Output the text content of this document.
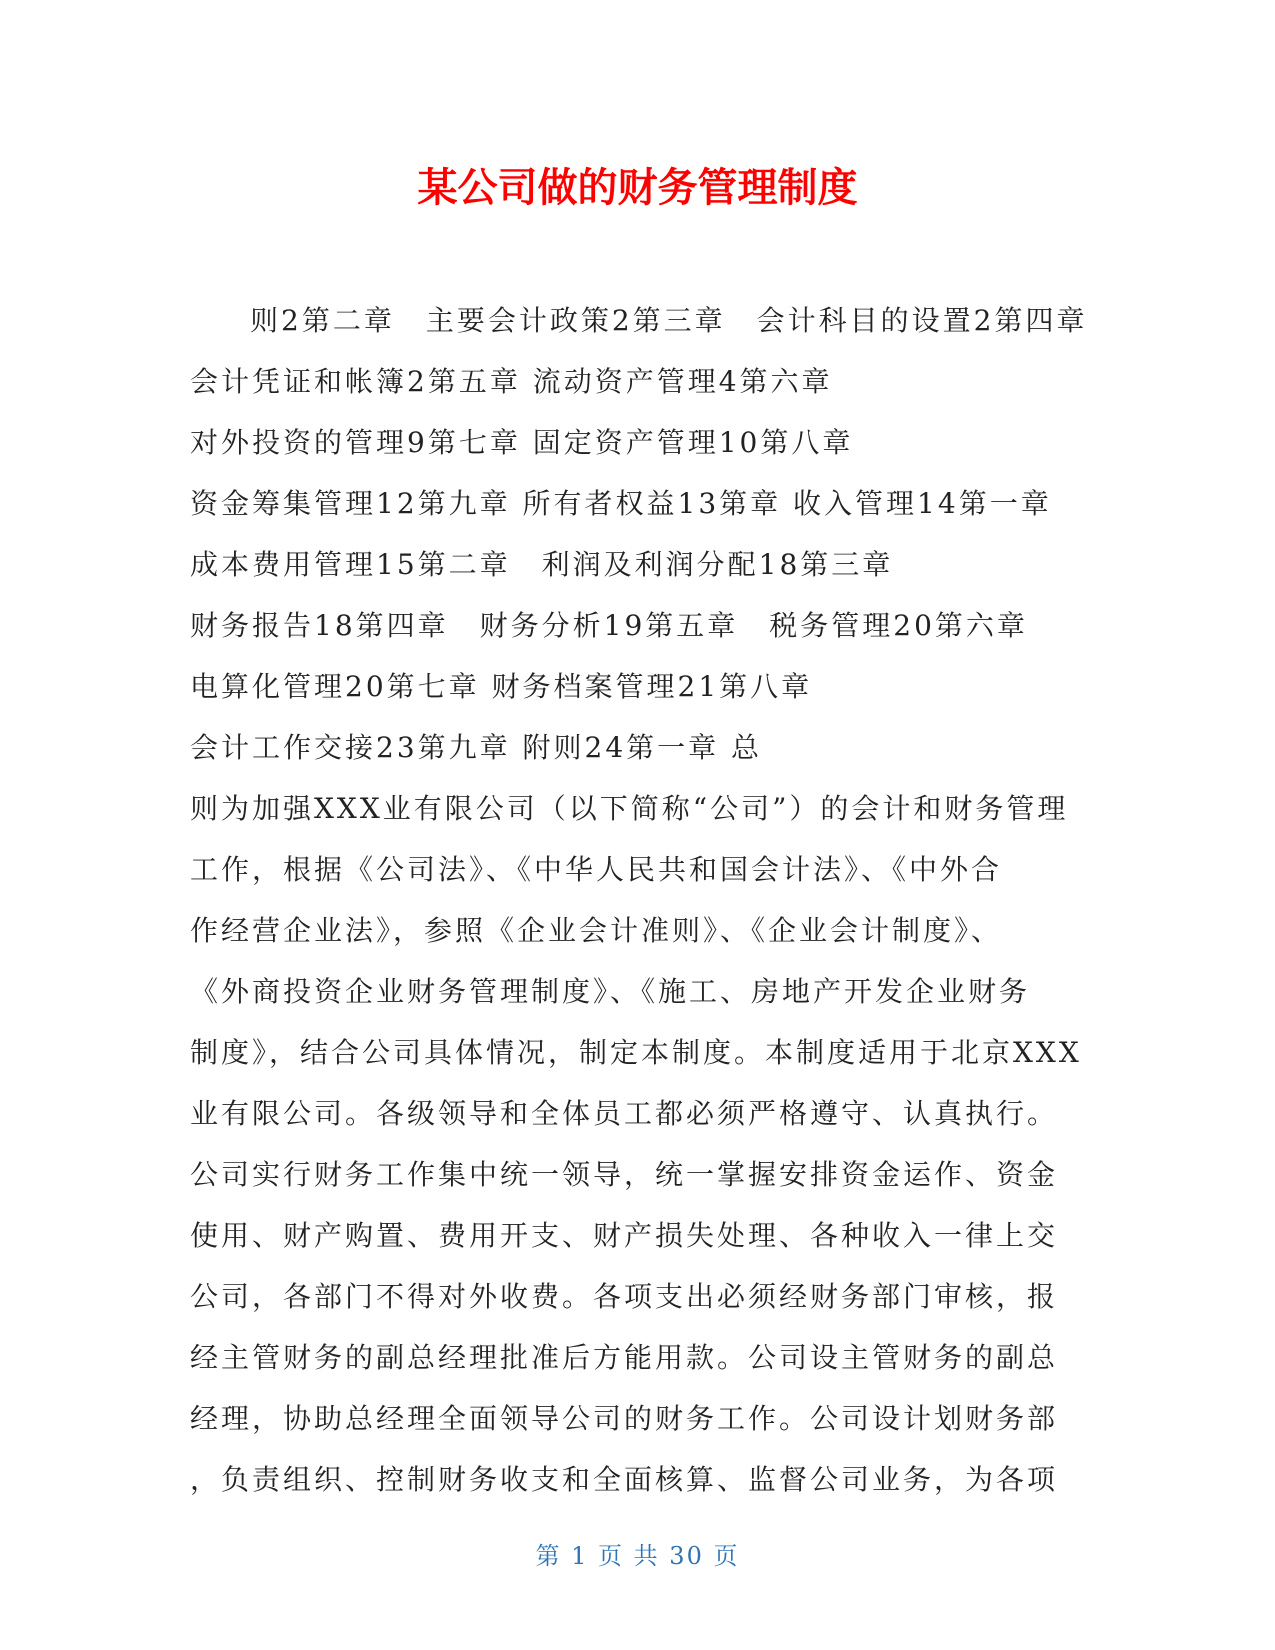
某公司做的财务管理制度
则2第二章　主要会计政策2第三章　会计科目的设置2第四章
会计凭证和帐簿2第五章 流动资产管理4第六章
对外投资的管理9第七章 固定资产管理10第八章
资金筹集管理12第九章 所有者权益13第章 收入管理14第一章
成本费用管理15第二章　利润及利润分配18第三章
财务报告18第四章　财务分析19第五章　税务管理20第六章
电算化管理20第七章 财务档案管理21第八章
会计工作交接23第九章 附则24第一章 总
则为加强XXX业有限公司（以下简称“公司”）的会计和财务管理
工作，根据《公司法》、《中华人民共和国会计法》、《中外合
作经营企业法》，参照《企业会计准则》、《企业会计制度》、
《外商投资企业财务管理制度》、《施工、房地产开发企业财务
制度》，结合公司具体情况，制定本制度。本制度适用于北京XXX
业有限公司。各级领导和全体员工都必须严格遵守、认真执行。
公司实行财务工作集中统一领导，统一掌握安排资金运作、资金
使用、财产购置、费用开支、财产损失处理、各种收入一律上交
公司，各部门不得对外收费。各项支出必须经财务部门审核，报
经主管财务的副总经理批准后方能用款。公司设主管财务的副总
经理，协助总经理全面领导公司的财务工作。公司设计划财务部
，负责组织、控制财务收支和全面核算、监督公司业务，为各项
第 1 页 共 30 页
